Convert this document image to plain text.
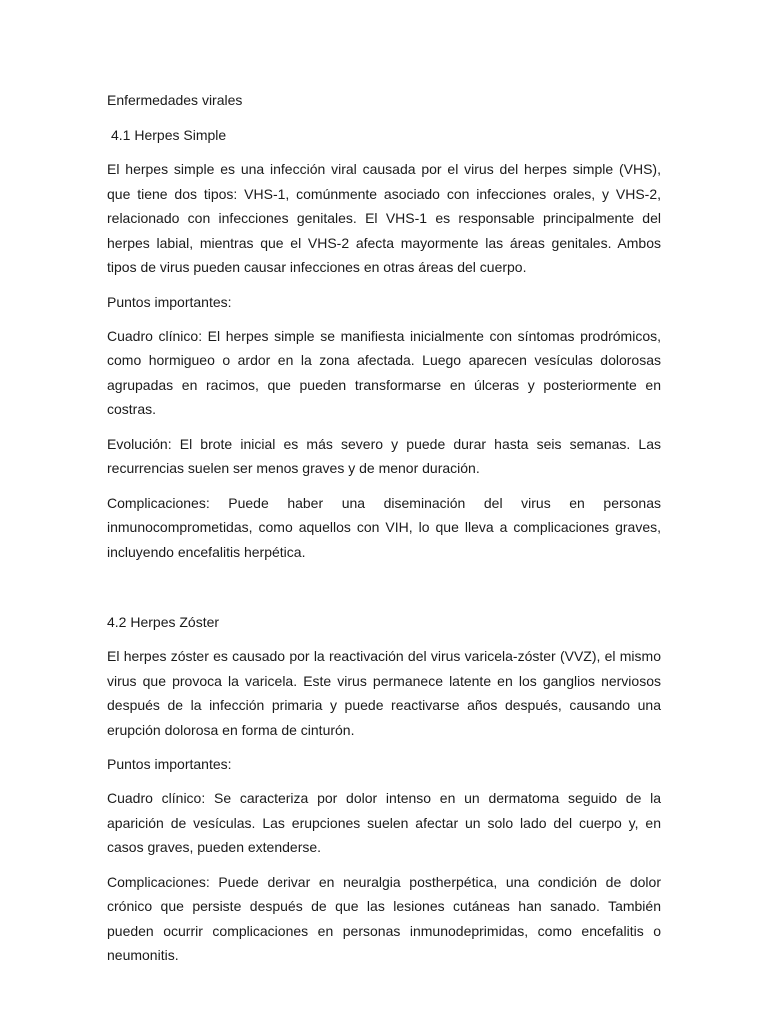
Enfermedades virales
4.1 Herpes Simple

El herpes simple es una infección viral causada por el virus del herpes simple (VHS), que tiene dos tipos: VHS-1, comúnmente asociado con infecciones orales, y VHS-2, relacionado con infecciones genitales. El VHS-1 es responsable principalmente del herpes labial, mientras que el VHS-2 afecta mayormente las áreas genitales. Ambos tipos de virus pueden causar infecciones en otras áreas del cuerpo.

Puntos importantes:

Cuadro clínico: El herpes simple se manifiesta inicialmente con síntomas prodrómicos, como hormigueo o ardor en la zona afectada. Luego aparecen vesículas dolorosas agrupadas en racimos, que pueden transformarse en úlceras y posteriormente en costras.

Evolución: El brote inicial es más severo y puede durar hasta seis semanas. Las recurrencias suelen ser menos graves y de menor duración.

Complicaciones: Puede haber una diseminación del virus en personas inmunocomprometidas, como aquellos con VIH, lo que lleva a complicaciones graves, incluyendo encefalitis herpética.

4.2 Herpes Zóster

El herpes zóster es causado por la reactivación del virus varicela-zóster (VVZ), el mismo virus que provoca la varicela. Este virus permanece latente en los ganglios nerviosos después de la infección primaria y puede reactivarse años después, causando una erupción dolorosa en forma de cinturón.

Puntos importantes:

Cuadro clínico: Se caracteriza por dolor intenso en un dermatoma seguido de la aparición de vesículas. Las erupciones suelen afectar un solo lado del cuerpo y, en casos graves, pueden extenderse.

Complicaciones: Puede derivar en neuralgia postherpética, una condición de dolor crónico que persiste después de que las lesiones cutáneas han sanado. También pueden ocurrir complicaciones en personas inmunodeprimidas, como encefalitis o neumonitis.
